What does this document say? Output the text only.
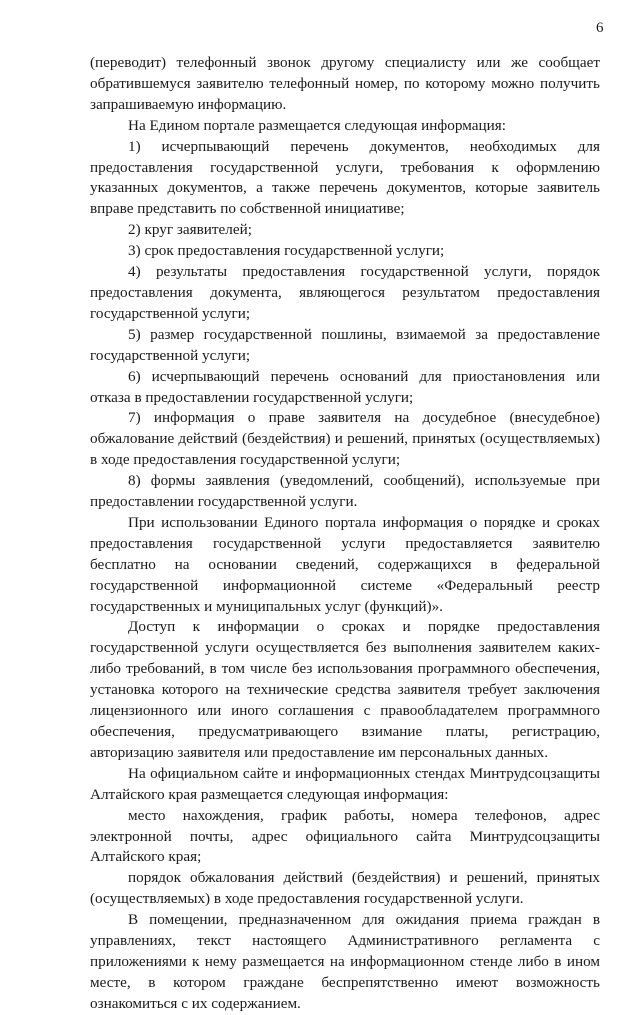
6

(переводит) телефонный звонок другому специалисту или же сообщает обратившемуся заявителю телефонный номер, по которому можно получить запрашиваемую информацию.

На Едином портале размещается следующая информация:

1) исчерпывающий перечень документов, необходимых для предоставления государственной услуги, требования к оформлению указанных документов, а также перечень документов, которые заявитель вправе представить по собственной инициативе;

2) круг заявителей;

3) срок предоставления государственной услуги;

4) результаты предоставления государственной услуги, порядок предоставления документа, являющегося результатом предоставления государственной услуги;

5) размер государственной пошлины, взимаемой за предоставление государственной услуги;

6) исчерпывающий перечень оснований для приостановления или отказа в предоставлении государственной услуги;

7) информация о праве заявителя на досудебное (внесудебное) обжалование действий (бездействия) и решений, принятых (осуществляемых) в ходе предоставления государственной услуги;

8) формы заявления (уведомлений, сообщений), используемые при предоставлении государственной услуги.

При использовании Единого портала информация о порядке и сроках предоставления государственной услуги предоставляется заявителю бесплатно на основании сведений, содержащихся в федеральной государственной информационной системе «Федеральный реестр государственных и муниципальных услуг (функций)».

Доступ к информации о сроках и порядке предоставления государственной услуги осуществляется без выполнения заявителем каких-либо требований, в том числе без использования программного обеспечения, установка которого на технические средства заявителя требует заключения лицензионного или иного соглашения с правообладателем программного обеспечения, предусматривающего взимание платы, регистрацию, авторизацию заявителя или предоставление им персональных данных.

На официальном сайте и информационных стендах Минтрудсоцзащиты Алтайского края размещается следующая информация:

место нахождения, график работы, номера телефонов, адрес электронной почты, адрес официального сайта Минтрудсоцзащиты Алтайского края;

порядок обжалования действий (бездействия) и решений, принятых (осуществляемых) в ходе предоставления государственной услуги.

В помещении, предназначенном для ожидания приема граждан в управлениях, текст настоящего Административного регламента с приложениями к нему размещается на информационном стенде либо в ином месте, в котором граждане беспрепятственно имеют возможность ознакомиться с их содержанием.
